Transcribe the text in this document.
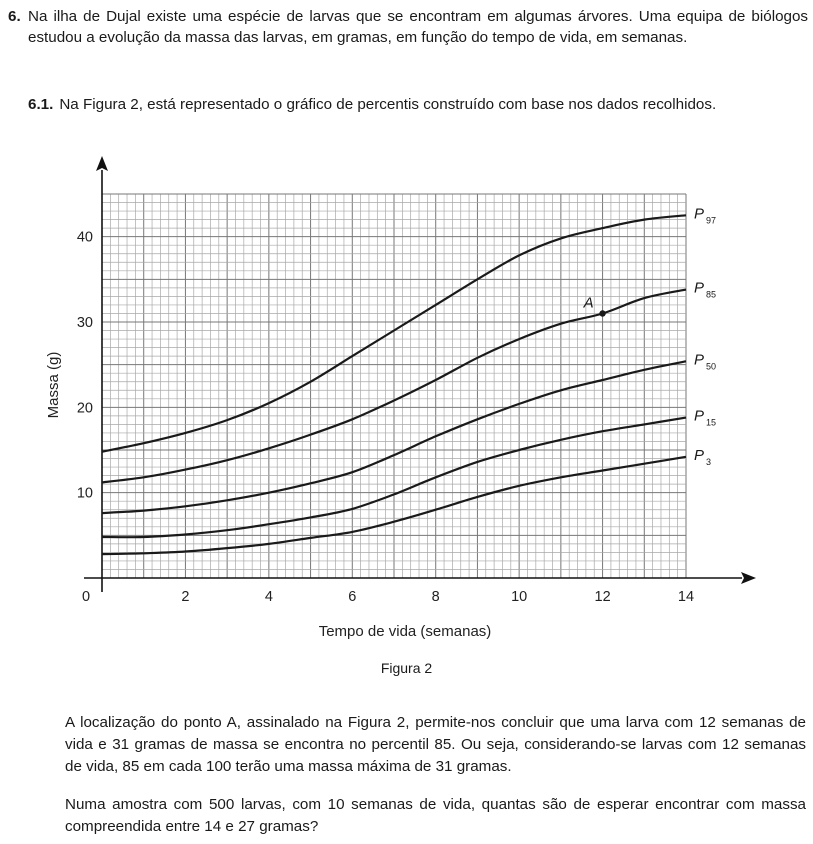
6. Na ilha de Dujal existe uma espécie de larvas que se encontram em algumas árvores. Uma equipa de biólogos estudou a evolução da massa das larvas, em gramas, em função do tempo de vida, em semanas.
6.1. Na Figura 2, está representado o gráfico de percentis construído com base nos dados recolhidos.
2	4	6	8	10	12	14
10
20
30
40
0
Tempo de vida (semanas)
Massa (g)
P 97
P 85
P 50
P 15
P 3
A
Figura 2
A localização do ponto A, assinalado na Figura 2, permite-nos concluir que uma larva com 12 semanas de vida e 31 gramas de massa se encontra no percentil 85. Ou seja, considerando-se larvas com 12 semanas de vida, 85 em cada 100 terão uma massa máxima de 31 gramas.
Numa amostra com 500 larvas, com 10 semanas de vida, quantas são de esperar encontrar com massa compreendida entre 14 e 27 gramas?
